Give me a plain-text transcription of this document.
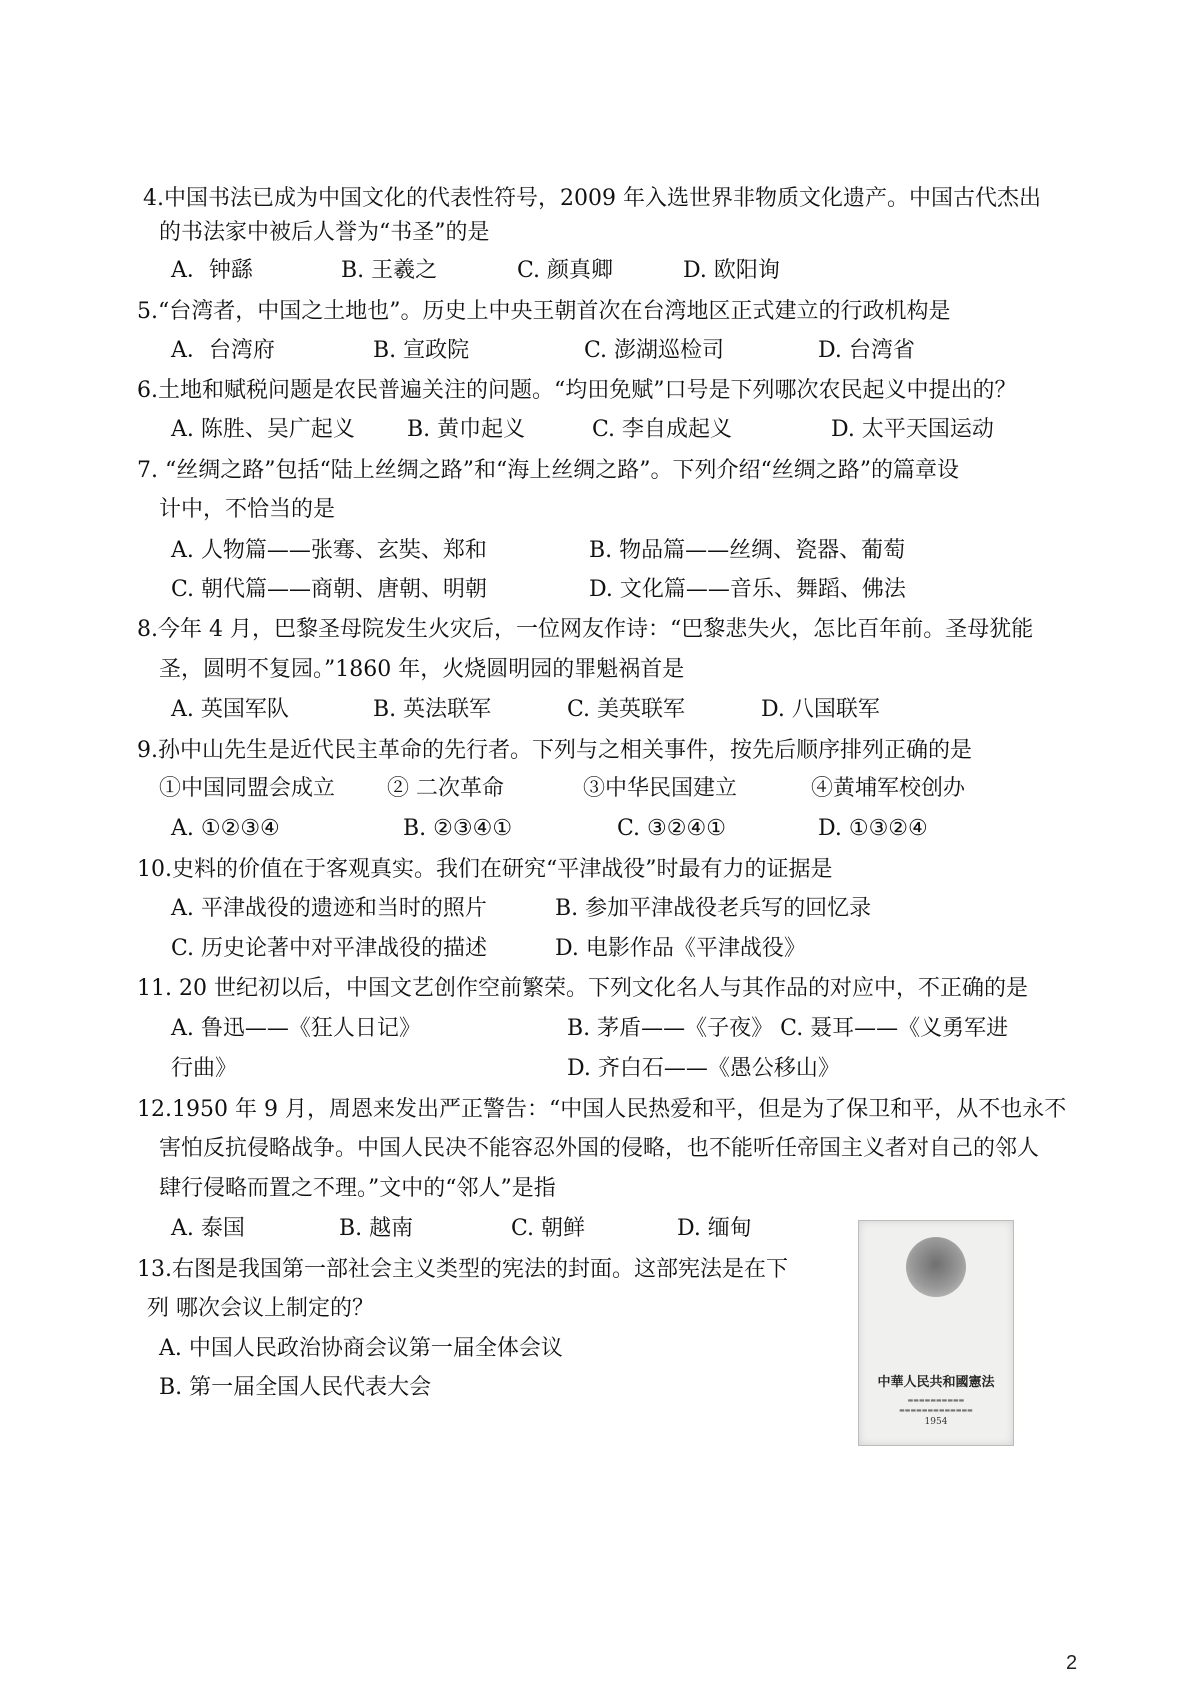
4.中国书法已成为中国文化的代表性符号，2009 年入选世界非物质文化遗产。中国古代杰出
的书法家中被后人誉为“书圣”的是
A．钟繇	B. 王羲之	C. 颜真卿	D. 欧阳询
5.“台湾者，中国之土地也”。历史上中央王朝首次在台湾地区正式建立的行政机构是
A．台湾府	B. 宣政院	C. 澎湖巡检司	D. 台湾省
6.土地和赋税问题是农民普遍关注的问题。“均田免赋”口号是下列哪次农民起义中提出的？
A. 陈胜、吴广起义 B. 黄巾起义	C. 李自成起义	D. 太平天国运动
7. “丝绸之路”包括“陆上丝绸之路”和“海上丝绸之路”。下列介绍“丝绸之路”的篇章设
计中，不恰当的是
A. 人物篇——张骞、玄奘、郑和	B. 物品篇——丝绸、瓷器、葡萄
C. 朝代篇——商朝、唐朝、明朝	D. 文化篇——音乐、舞蹈、佛法
8.今年 4 月，巴黎圣母院发生火灾后，一位网友作诗：“巴黎悲失火，怎比百年前。圣母犹能
圣，圆明不复园。”1860 年，火烧圆明园的罪魁祸首是
A. 英国军队	B. 英法联军	C. 美英联军	D. 八国联军
9.孙中山先生是近代民主革命的先行者。下列与之相关事件，按先后顺序排列正确的是
①中国同盟会成立 ② 二次革命	③中华民国建立	④黄埔军校创办
A. ①②③④	B. ②③④①	C. ③②④①	D. ①③②④
10.史料的价值在于客观真实。我们在研究“平津战役”时最有力的证据是
A. 平津战役的遗迹和当时的照片	B. 参加平津战役老兵写的回忆录
C. 历史论著中对平津战役的描述	D. 电影作品《平津战役》
11. 20 世纪初以后，中国文艺创作空前繁荣。下列文化名人与其作品的对应中，不正确的是
A. 鲁迅——《狂人日记》	B. 茅盾——《子夜》 C. 聂耳——《义勇军进
行曲》	D. 齐白石——《愚公移山》
12.1950 年 9 月，周恩来发出严正警告：“中国人民热爱和平，但是为了保卫和平，从不也永不
害怕反抗侵略战争。中国人民决不能容忍外国的侵略，也不能听任帝国主义者对自己的邻人
肆行侵略而置之不理。”文中的“邻人”是指
A. 泰国	B. 越南	C. 朝鲜	D. 缅甸
13.右图是我国第一部社会主义类型的宪法的封面。这部宪法是在下
列 哪次会议上制定的？
A. 中国人民政治协商会议第一届全体会议
B. 第一届全国人民代表大会	中華人民共和國憲法
▬▬▬▬▬▬▬▬▬▬
▬▬▬▬▬▬▬▬▬▬▬▬▬
1954
2
